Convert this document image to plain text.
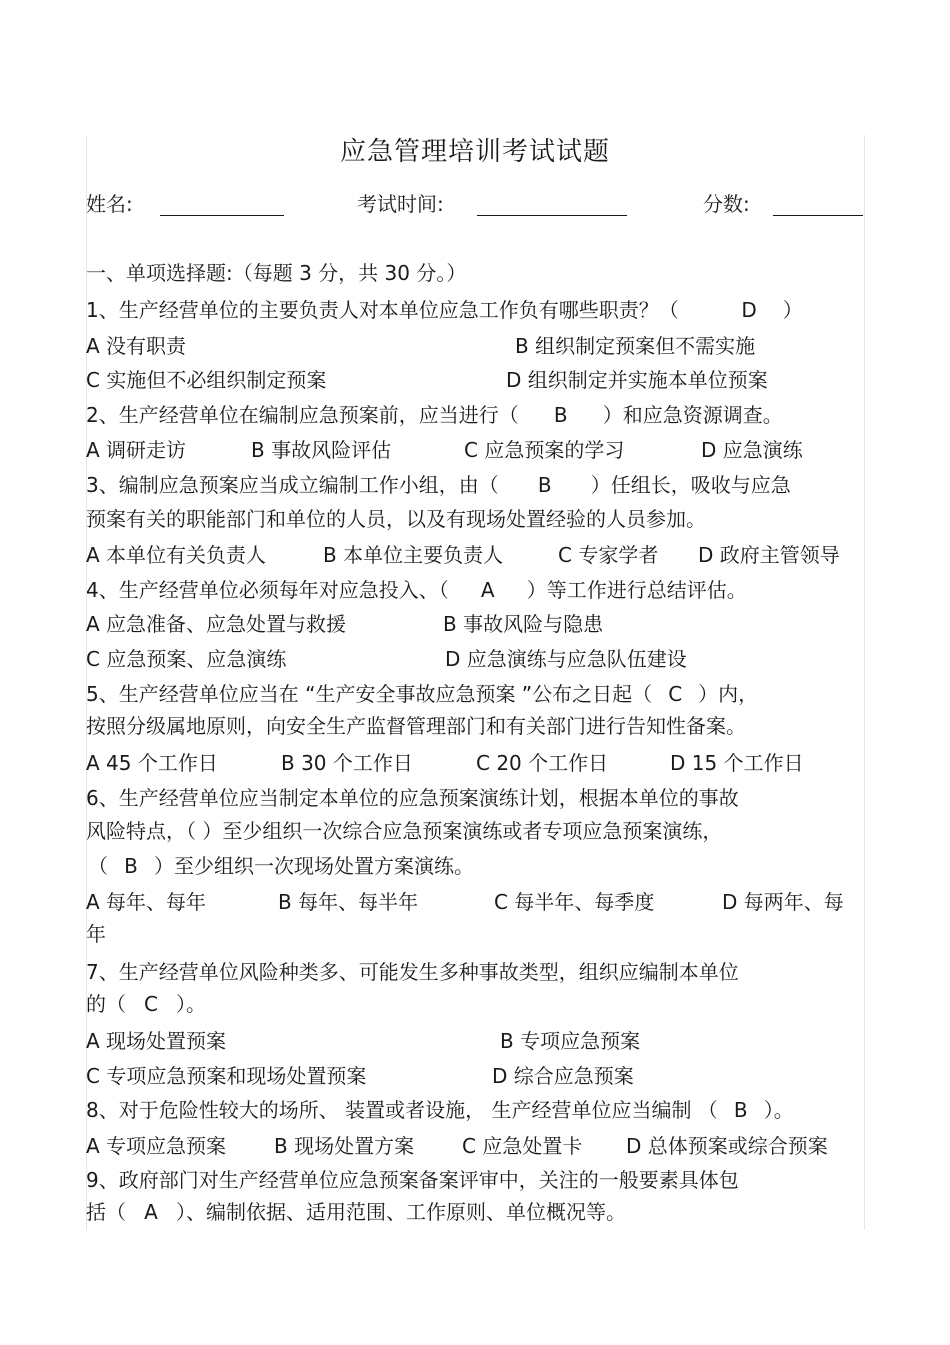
应急管理培训考试试题
姓名:	考试时间:	分数:
一、单项选择题:（每题 3 分，共 30 分。）
1、生产经营单位的主要负责人对本单位应急工作负有哪些职责？（	D ）
A 没有职责	B 组织制定预案但不需实施
C 实施但不必组织制定预案	D 组织制定并实施本单位预案
2、生产经营单位在编制应急预案前，应当进行（ B ）和应急资源调查。
A 调研走访	B 事故风险评估	C 应急预案的学习	D 应急演练
3、编制应急预案应当成立编制工作小组，由（ B ）任组长，吸收与应急
预案有关的职能部门和单位的人员，以及有现场处置经验的人员参加。
A 本单位有关负责人	B 本单位主要负责人	C 专家学者 D 政府主管领导
4、生产经营单位必须每年对应急投入、（ A ）等工作进行总结评估。
A 应急准备、应急处置与救援	B 事故风险与隐患
C 应急预案、应急演练	D 应急演练与应急队伍建设
5、生产经营单位应当在 “生产安全事故应急预案 ”公布之日起（ C ）内，
按照分级属地原则，向安全生产监督管理部门和有关部门进行告知性备案。
A 45 个工作日	B 30 个工作日	C 20 个工作日	D 15 个工作日
6、生产经营单位应当制定本单位的应急预案演练计划，根据本单位的事故
风险特点，（ ）至少组织一次综合应急预案演练或者专项应急预案演练，
（ B ）至少组织一次现场处置方案演练。
A 每年、每年	B 每年、每半年	C 每半年、每季度	D 每两年、每
年
7、生产经营单位风险种类多、可能发生多种事故类型，组织应编制本单位
的（ C ）。
A 现场处置预案	B 专项应急预案
C 专项应急预案和现场处置预案	D 综合应急预案
8、对于危险性较大的场所、 装置或者设施， 生产经营单位应当编制 （ B ）。
A 专项应急预案 B 现场处置方案 C 应急处置卡 D 总体预案或综合预案
9、政府部门对生产经营单位应急预案备案评审中，关注的一般要素具体包
括（ A ）、编制依据、适用范围、工作原则、单位概况等。
